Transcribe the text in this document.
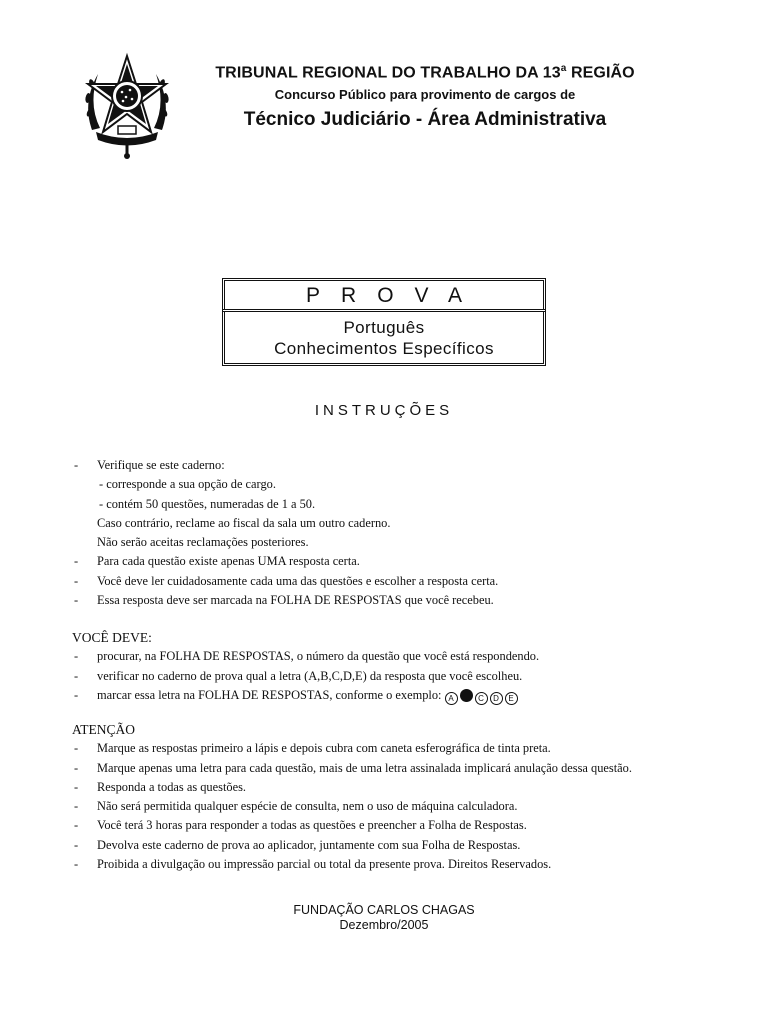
TRIBUNAL REGIONAL DO TRABALHO DA 13$^a$ REGIÃO
Concurso Público para provimento de cargos de
Técnico Judiciário - Área Administrativa
PROVA
Português
Conhecimentos Específicos
INSTRUÇÕES
- Verifique se este caderno:
- corresponde a sua opção de cargo.
- contém 50 questões, numeradas de 1 a 50.
Caso contrário, reclame ao fiscal da sala um outro caderno.
Não serão aceitas reclamações posteriores.
- Para cada questão existe apenas UMA resposta certa.
- Você deve ler cuidadosamente cada uma das questões e escolher a resposta certa.
- Essa resposta deve ser marcada na FOLHA DE RESPOSTAS que você recebeu.
VOCÊ DEVE:
- procurar, na FOLHA DE RESPOSTAS, o número da questão que você está respondendo.
- verificar no caderno de prova qual a letra (A,B,C,D,E) da resposta que você escolheu.
- marcar essa letra na FOLHA DE RESPOSTAS, conforme o exemplo: A	C D E
ATENÇÃO
- Marque as respostas primeiro a lápis e depois cubra com caneta esferográfica de tinta preta.
- Marque apenas uma letra para cada questão, mais de uma letra assinalada implicará anulação dessa questão.
- Responda a todas as questões.
- Não será permitida qualquer espécie de consulta, nem o uso de máquina calculadora.
- Você terá 3 horas para responder a todas as questões e preencher a Folha de Respostas.
- Devolva este caderno de prova ao aplicador, juntamente com sua Folha de Respostas.
- Proibida a divulgação ou impressão parcial ou total da presente prova. Direitos Reservados.
FUNDAÇÃO CARLOS CHAGAS
Dezembro/2005
